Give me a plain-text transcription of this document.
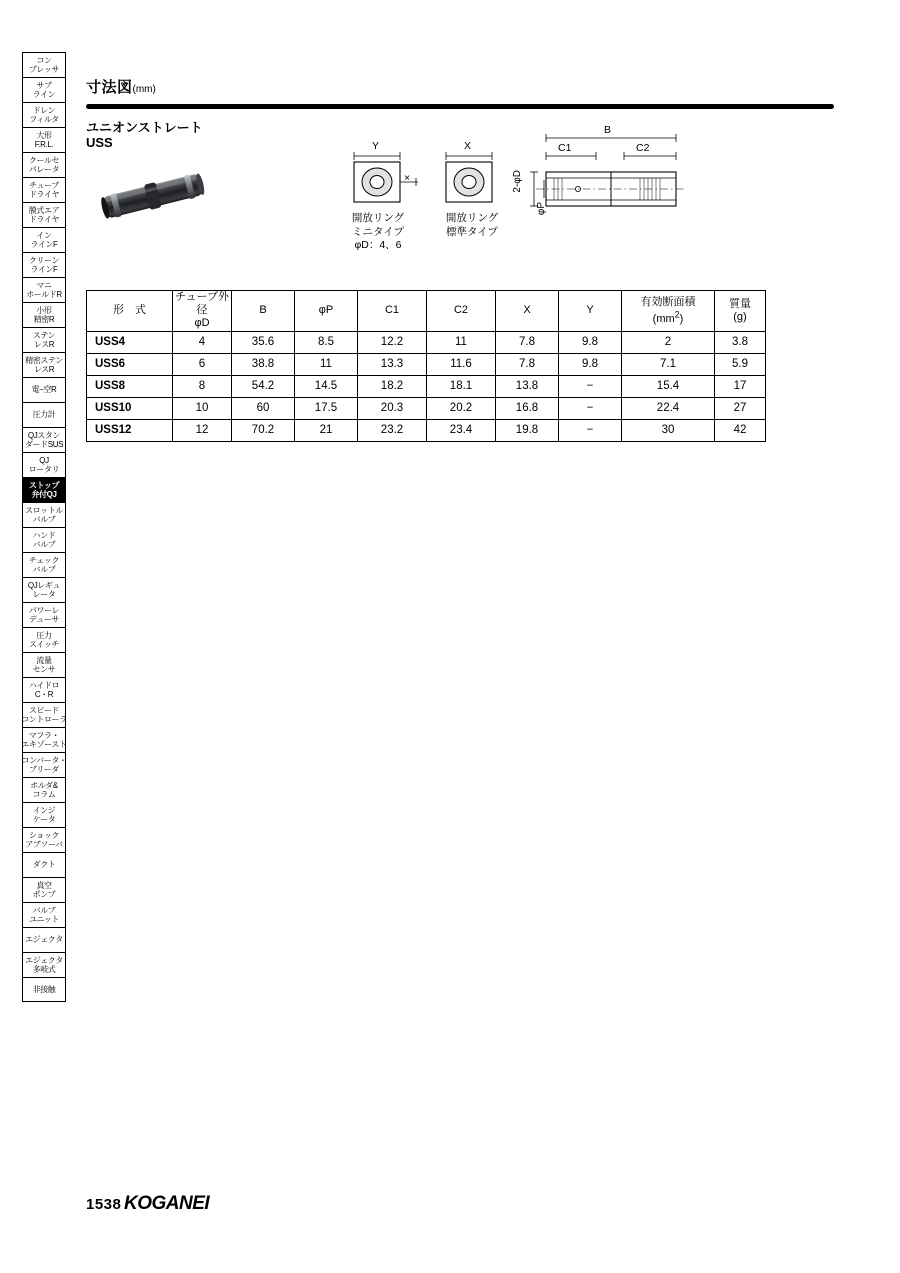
コン
プレッサ
サブ
ライン
ドレン
フィルタ
大形
F.R.L.
クールセ
パレータ
チューブ
ドライヤ
膜式エア
ドライヤ
イン
ラインF
クリーン
ラインF
マニ
ホールドR
小形
精密R
ステン
レスR
精密ステン
レスR
電−空R
圧力計
QJスタン
ダードSUS
QJ
ロータリ
ストップ
弁付QJ
スロットル
バルブ
ハンド
バルブ
チェック
バルブ
QJレギュ
レータ
パワーレ
デューサ
圧力
スイッチ
流量
センサ
ハイドロ
C・R
スピード
コントローラ
マフラ・
エキゾースト
コンバータ・
ブリーダ
ホルダ&
コラム
インジ
ケータ
ショック
アブソーバ
ダクト
真空
ポンプ
バルブ
ユニット
エジェクタ
エジェクタ
多岐式
非接触
寸法図(mm)
ユニオンストレート
USS	Y
×
開放リング
ミニタイプ
φD：4、6
X
開放リング
標準タイプ
B
C1	C2
2-φD
φP
形　式	チューブ外径
φD	B	φP	C1	C2	X	Y	有効断面積
$(mm^2)$	質量
(g)
USS4	4	35.6	8.5	12.2	11	7.8	9.8	2	3.8
USS6	6	38.8	11	13.3	11.6	7.8	9.8	7.1	5.9
USS8	8	54.2	14.5	18.2	18.1	13.8	−	15.4	17
USS10	10	60	17.5	20.3	20.2	16.8	−	22.4	27
USS12	12	70.2	21	23.2	23.4	19.8	−	30	42
1538 KOGANEI
